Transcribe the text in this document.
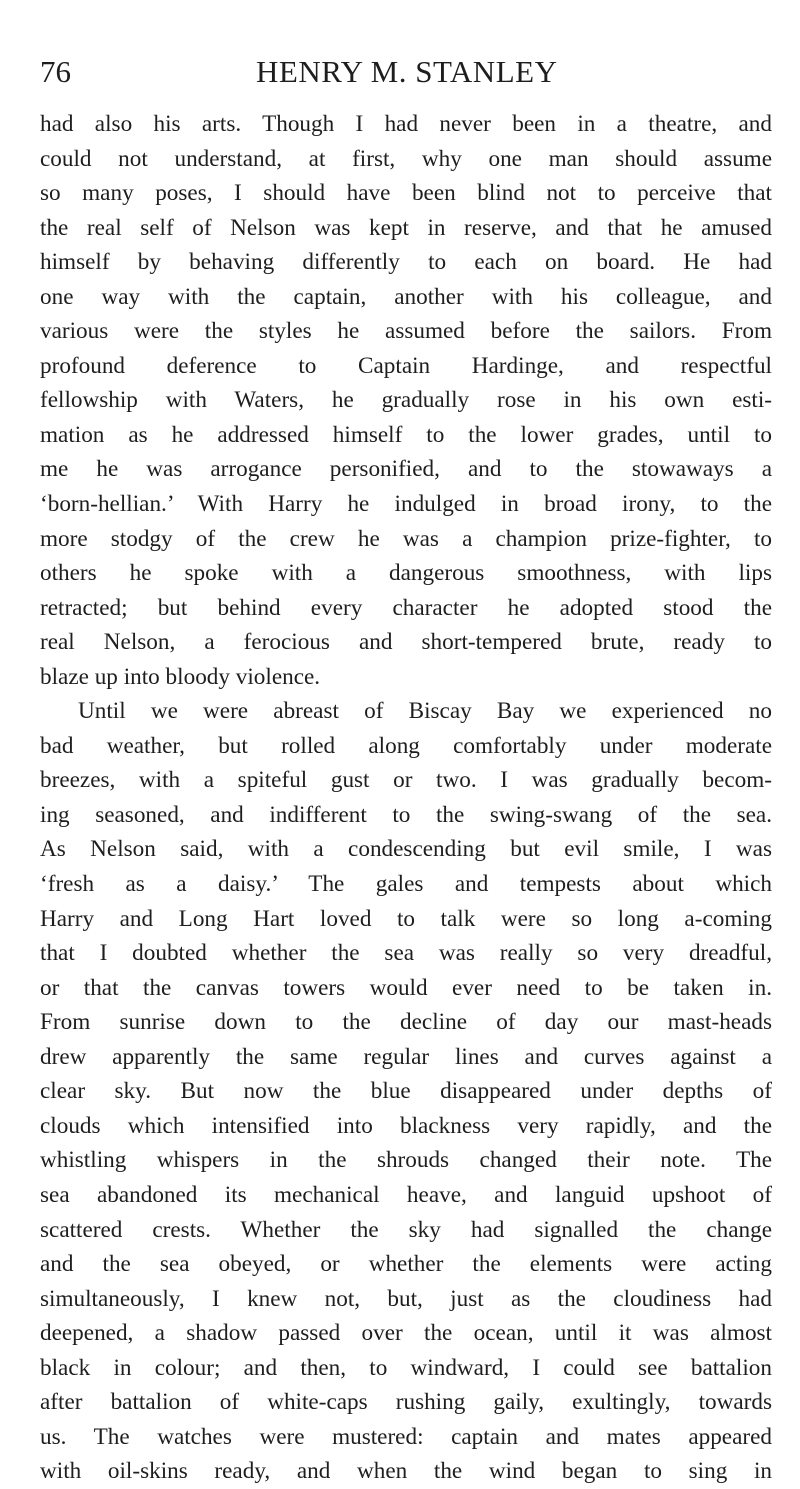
76	HENRY M. STANLEY
had also his arts. Though I had never been in a theatre, and
could not understand, at first, why one man should assume
so many poses, I should have been blind not to perceive that
the real self of Nelson was kept in reserve, and that he amused
himself by behaving differently to each on board. He had
one way with the captain, another with his colleague, and
various were the styles he assumed before the sailors. From
profound deference to Captain Hardinge, and respectful
fellowship with Waters, he gradually rose in his own esti-
mation as he addressed himself to the lower grades, until to
me he was arrogance personified, and to the stowaways a
‘born-hellian.’ With Harry he indulged in broad irony, to the
more stodgy of the crew he was a champion prize-fighter, to
others he spoke with a dangerous smoothness, with lips
retracted; but behind every character he adopted stood the
real Nelson, a ferocious and short-tempered brute, ready to
blaze up into bloody violence.
Until we were abreast of Biscay Bay we experienced no
bad weather, but rolled along comfortably under moderate
breezes, with a spiteful gust or two. I was gradually becom-
ing seasoned, and indifferent to the swing-swang of the sea.
As Nelson said, with a condescending but evil smile, I was
‘fresh as a daisy.’ The gales and tempests about which
Harry and Long Hart loved to talk were so long a-coming
that I doubted whether the sea was really so very dreadful,
or that the canvas towers would ever need to be taken in.
From sunrise down to the decline of day our mast-heads
drew apparently the same regular lines and curves against a
clear sky. But now the blue disappeared under depths of
clouds which intensified into blackness very rapidly, and the
whistling whispers in the shrouds changed their note. The
sea abandoned its mechanical heave, and languid upshoot of
scattered crests. Whether the sky had signalled the change
and the sea obeyed, or whether the elements were acting
simultaneously, I knew not, but, just as the cloudiness had
deepened, a shadow passed over the ocean, until it was almost
black in colour; and then, to windward, I could see battalion
after battalion of white-caps rushing gaily, exultingly, towards
us. The watches were mustered: captain and mates appeared
with oil-skins ready, and when the wind began to sing in
